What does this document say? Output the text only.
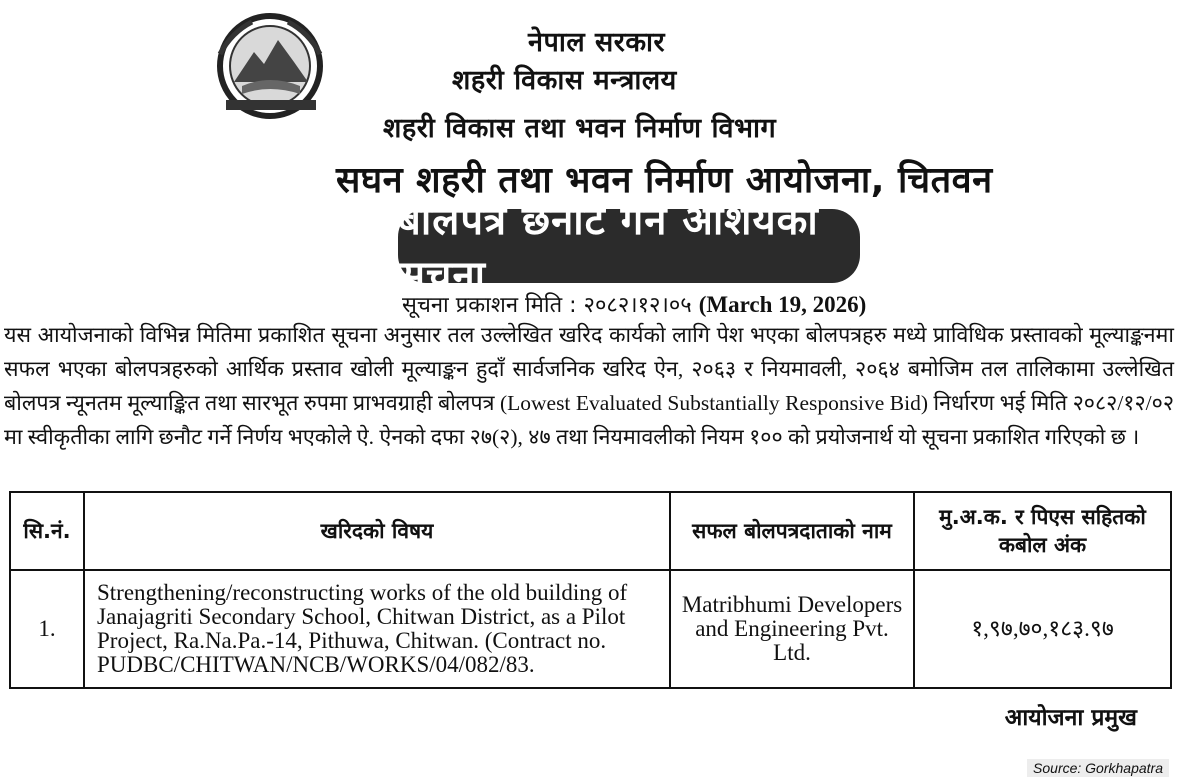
नेपाल सरकार
शहरी विकास मन्त्रालय
शहरी विकास तथा भवन निर्माण विभाग
सघन शहरी तथा भवन निर्माण आयोजना, चितवन
बोलपत्र छनौट गर्ने आशयको सूचना
सूचना प्रकाशन मिति : २०८२।१२।०५ (March 19, 2026)

यस आयोजनाको विभिन्न मितिमा प्रकाशित सूचना अनुसार तल उल्लेखित खरिद कार्यको लागि पेश भएका बोलपत्रहरु मध्ये प्राविधिक प्रस्तावको मूल्याङ्कनमा सफल भएका बोलपत्रहरुको आर्थिक प्रस्ताव खोली मूल्याङ्कन हुदाँ सार्वजनिक खरिद ऐन, २०६३ र नियमावली, २०६४ बमोजिम तल तालिकामा उल्लेखित बोलपत्र न्यूनतम मूल्याङ्कित तथा सारभूत रुपमा प्राभवग्राही बोलपत्र (Lowest Evaluated Substantially Responsive Bid) निर्धारण भई मिति २०८२/१२/०२ मा स्वीकृतीका लागि छनौट गर्ने निर्णय भएकोले ऐ. ऐनको दफा २७(२), ४७ तथा नियमावलीको नियम १०० को प्रयोजनार्थ यो सूचना प्रकाशित गरिएको छ ।

सि.नं.	खरिदको विषय	सफल बोलपत्रदाताको नाम	मु.अ.क. र पिएस सहितको कबोल अंक
1.	Strengthening/reconstructing works of the old building of Janajagriti Secondary School, Chitwan District, as a Pilot Project, Ra.Na.Pa.-14, Pithuwa, Chitwan. (Contract no. PUDBC/CHITWAN/NCB/WORKS/04/082/83.	Matribhumi Developers and Engineering Pvt. Ltd.	१,९७,७०,१८३.९७
आयोजना प्रमुख
Source: Gorkhapatra
